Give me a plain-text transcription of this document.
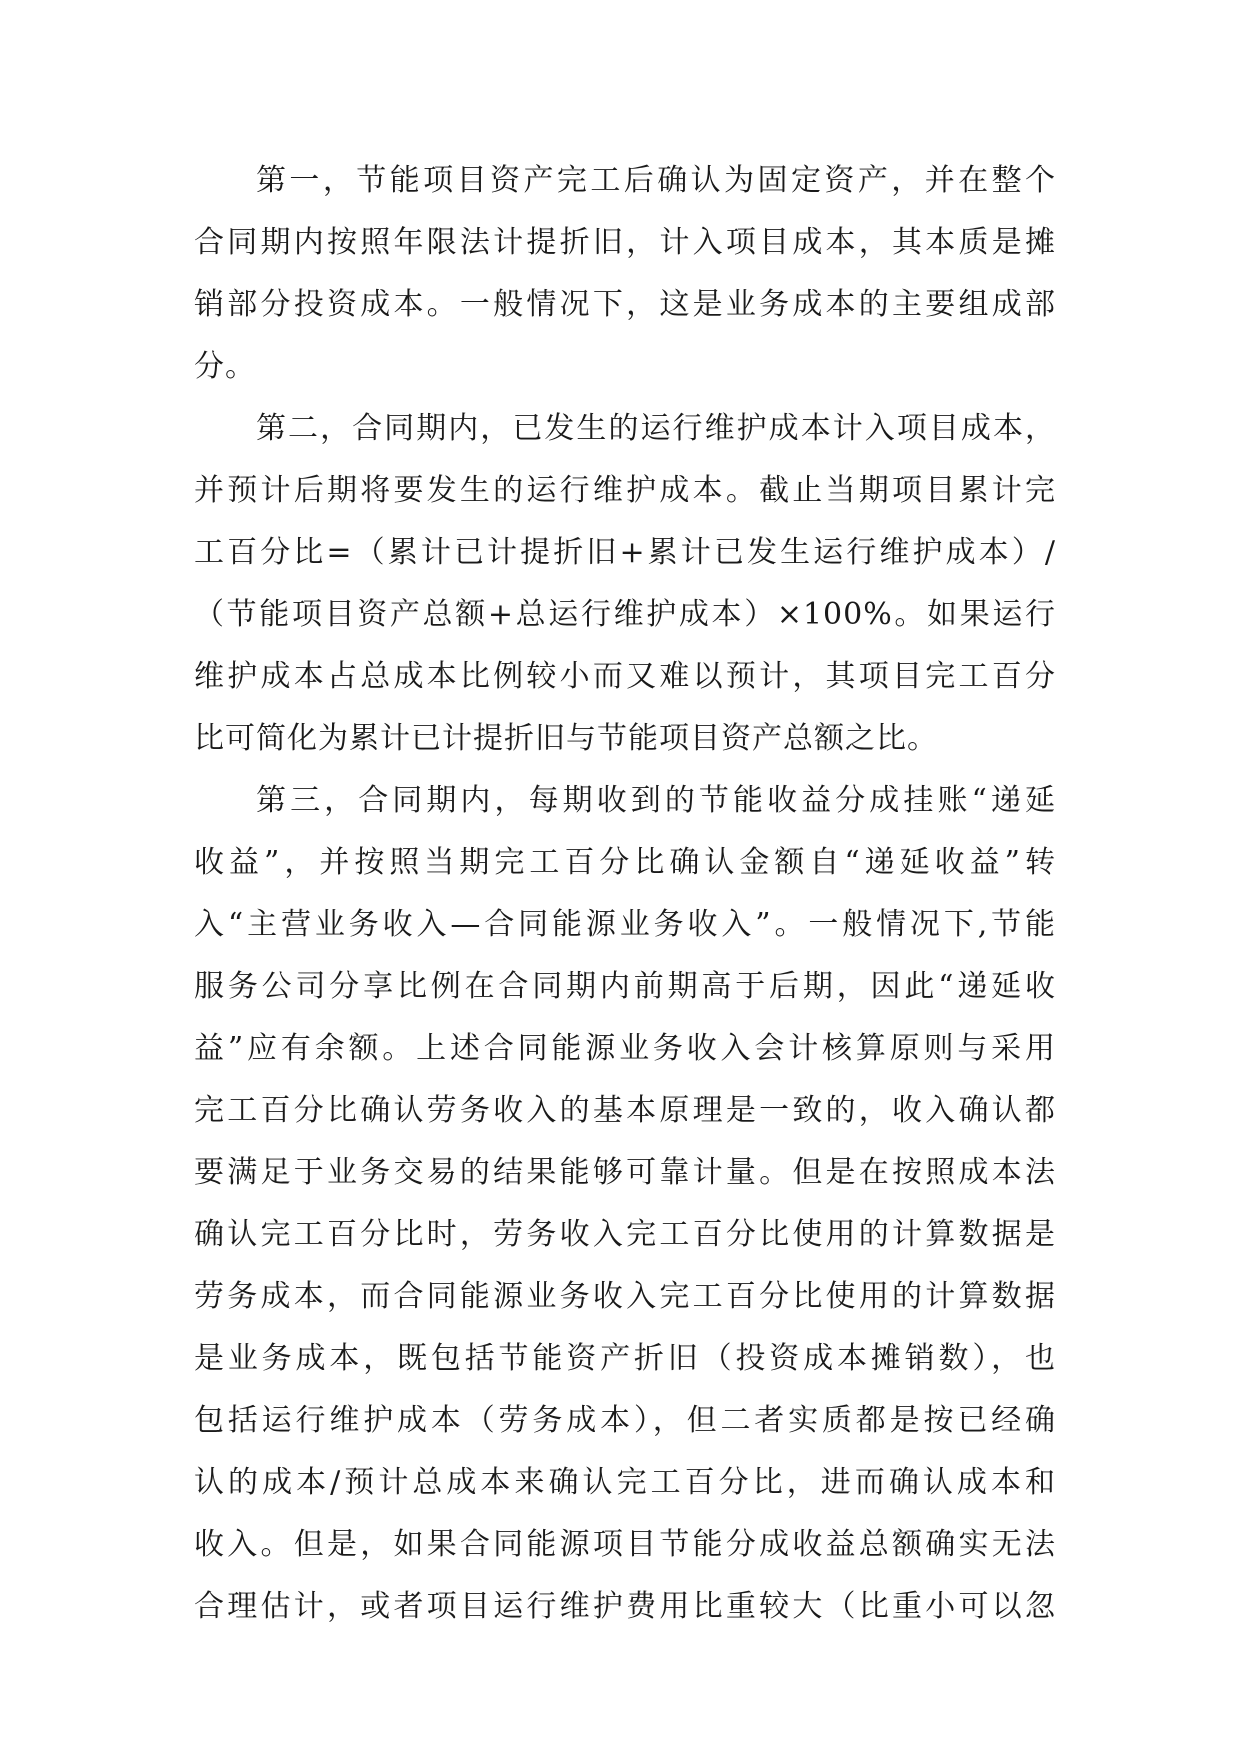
第一，节能项目资产完工后确认为固定资产，并在整个
合同期内按照年限法计提折旧，计入项目成本，其本质是摊
销部分投资成本。一般情况下，这是业务成本的主要组成部
分。
第二，合同期内，已发生的运行维护成本计入项目成本，
并预计后期将要发生的运行维护成本。截止当期项目累计完
工百分比=（累计已计提折旧+累计已发生运行维护成本）/
（节能项目资产总额+总运行维护成本）×100%。如果运行
维护成本占总成本比例较小而又难以预计，其项目完工百分
比可简化为累计已计提折旧与节能项目资产总额之比。
第三，合同期内，每期收到的节能收益分成挂账“递延
收益”，并按照当期完工百分比确认金额自“递延收益”转
入“主营业务收入—合同能源业务收入”。一般情况下,节能
服务公司分享比例在合同期内前期高于后期，因此“递延收
益”应有余额。上述合同能源业务收入会计核算原则与采用
完工百分比确认劳务收入的基本原理是一致的，收入确认都
要满足于业务交易的结果能够可靠计量。但是在按照成本法
确认完工百分比时，劳务收入完工百分比使用的计算数据是
劳务成本，而合同能源业务收入完工百分比使用的计算数据
是业务成本，既包括节能资产折旧（投资成本摊销数），也
包括运行维护成本（劳务成本），但二者实质都是按已经确
认的成本/预计总成本来确认完工百分比，进而确认成本和
收入。但是，如果合同能源项目节能分成收益总额确实无法
合理估计，或者项目运行维护费用比重较大（比重小可以忽
